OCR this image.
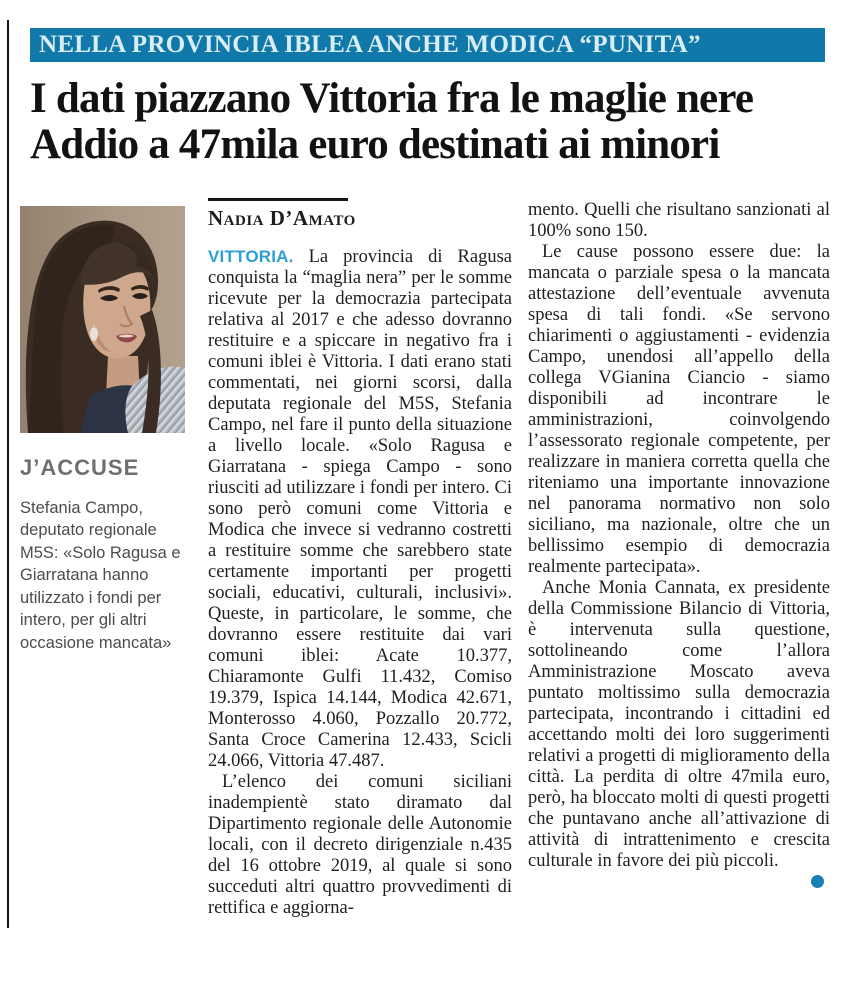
NELLA PROVINCIA IBLEA ANCHE MODICA “PUNITA”
I dati piazzano Vittoria fra le maglie nere
Addio a 47mila euro destinati ai minori
J’ACCUSE
Stefania Campo, deputato regionale M5S: «Solo Ragusa e Giarratana hanno utilizzato i fondi per intero, per gli altri occasione mancata»
Nadia D’Amato

VITTORIA. La provincia di Ragusa conquista la “maglia nera” per le somme ricevute per la democrazia partecipata relativa al 2017 e che adesso dovranno restituire e a spiccare in negativo fra i comuni iblei è Vittoria. I dati erano stati commentati, nei giorni scorsi, dalla deputata regionale del M5S, Stefania Campo, nel fare il punto della situazione a livello locale. «Solo Ragusa e Giarratana - spiega Campo - sono riusciti ad utilizzare i fondi per intero. Ci sono però comuni come Vittoria e Modica che invece si vedranno costretti a restituire somme che sarebbero state certamente importanti per progetti sociali, educativi, culturali, inclusivi». Queste, in particolare, le somme, che dovranno essere restituite dai vari comuni iblei: Acate 10.377, Chiaramonte Gulfi 11.432, Comiso 19.379, Ispica 14.144, Modica 42.671, Monterosso 4.060, Pozzallo 20.772, Santa Croce Camerina 12.433, Scicli 24.066, Vittoria 47.487.

L’elenco dei comuni siciliani inadempientè stato diramato dal Dipartimento regionale delle Autonomie locali, con il decreto dirigenziale n.435 del 16 ottobre 2019, al quale si sono succeduti altri quattro provvedimenti di rettifica e aggiorna-

mento. Quelli che risultano sanzionati al 100% sono 150.

Le cause possono essere due: la mancata o parziale spesa o la mancata attestazione dell’eventuale avvenuta spesa di tali fondi. «Se servono chiarimenti o aggiustamenti - evidenzia Campo, unendosi all’appello della collega VGianina Ciancio - siamo disponibili ad incontrare le amministrazioni, coinvolgendo l’assessorato regionale competente, per realizzare in maniera corretta quella che riteniamo una importante innovazione nel panorama normativo non solo siciliano, ma nazionale, oltre che un bellissimo esempio di democrazia realmente partecipata».

Anche Monia Cannata, ex presidente della Commissione Bilancio di Vittoria, è intervenuta sulla questione, sottolineando come l’allora Amministrazione Moscato aveva puntato moltissimo sulla democrazia partecipata, incontrando i cittadini ed accettando molti dei loro suggerimenti relativi a progetti di miglioramento della città. La perdita di oltre 47mila euro, però, ha bloccato molti di questi progetti che puntavano anche all’attivazione di attività di intrattenimento e crescita culturale in favore dei più piccoli.
